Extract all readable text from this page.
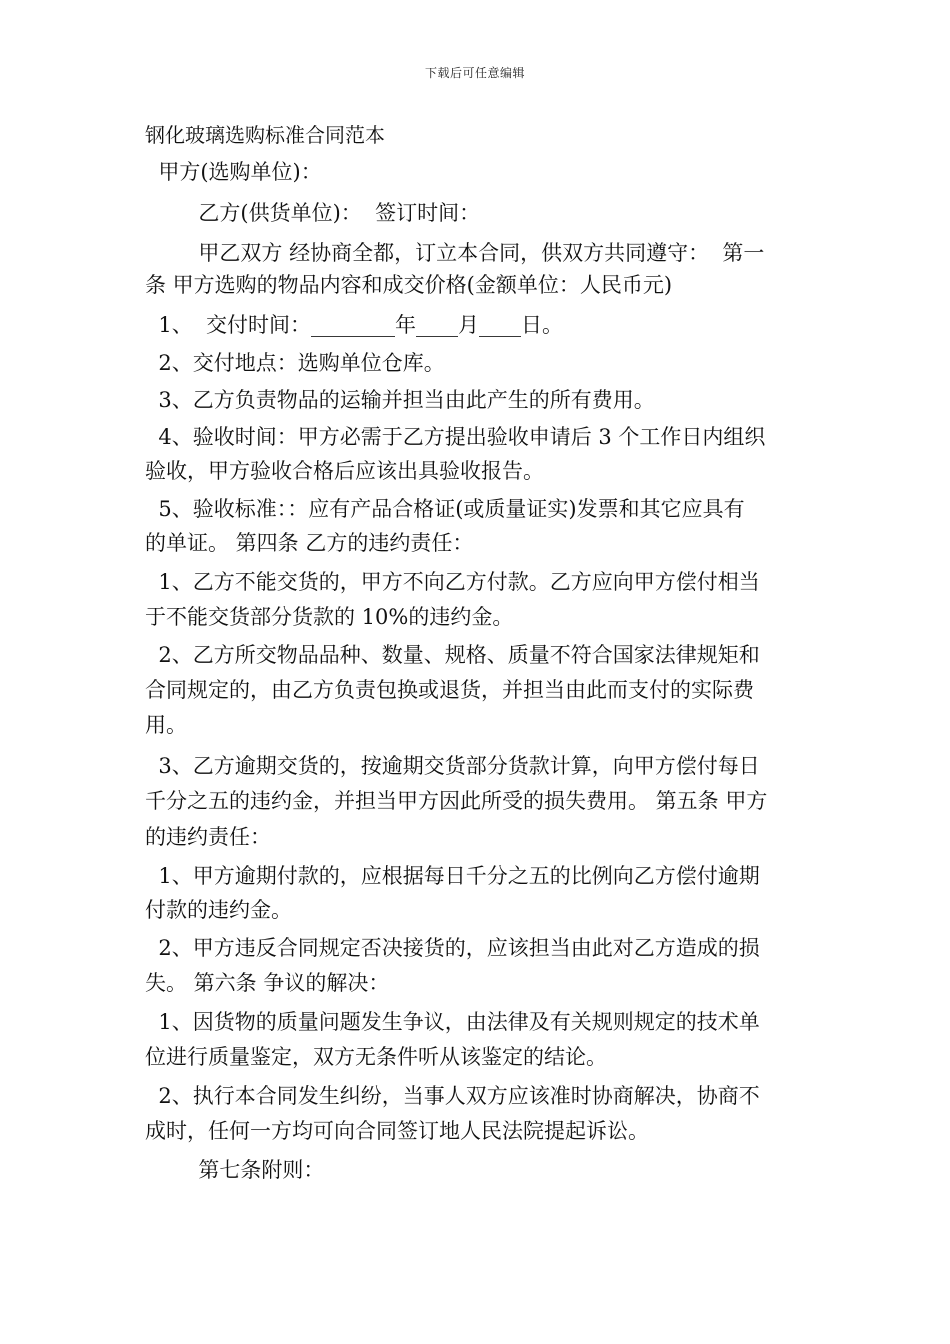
下载后可任意编辑
钢化玻璃选购标准合同范本
甲方(选购单位)：
乙方(供货单位)：  签订时间：
甲乙双方 经协商全都，订立本合同，供双方共同遵守：  第一
条 甲方选购的物品内容和成交价格(金额单位：人民币元)
1、  交付时间：________年____月____日。
2、交付地点：选购单位仓库。
3、乙方负责物品的运输并担当由此产生的所有费用。
4、验收时间：甲方必需于乙方提出验收申请后 3 个工作日内组织
验收，甲方验收合格后应该出具验收报告。
5、验收标准：：应有产品合格证(或质量证实)发票和其它应具有
的单证。 第四条 乙方的违约责任：
1、乙方不能交货的，甲方不向乙方付款。乙方应向甲方偿付相当
于不能交货部分货款的 10%的违约金。
2、乙方所交物品品种、数量、规格、质量不符合国家法律规矩和
合同规定的，由乙方负责包换或退货，并担当由此而支付的实际费
用。
3、乙方逾期交货的，按逾期交货部分货款计算，向甲方偿付每日
千分之五的违约金，并担当甲方因此所受的损失费用。 第五条 甲方
的违约责任：
1、甲方逾期付款的，应根据每日千分之五的比例向乙方偿付逾期
付款的违约金。
2、甲方违反合同规定否决接货的，应该担当由此对乙方造成的损
失。 第六条 争议的解决：
1、因货物的质量问题发生争议，由法律及有关规则规定的技术单
位进行质量鉴定，双方无条件听从该鉴定的结论。
2、执行本合同发生纠纷，当事人双方应该准时协商解决，协商不
成时，任何一方均可向合同签订地人民法院提起诉讼。
第七条附则：
